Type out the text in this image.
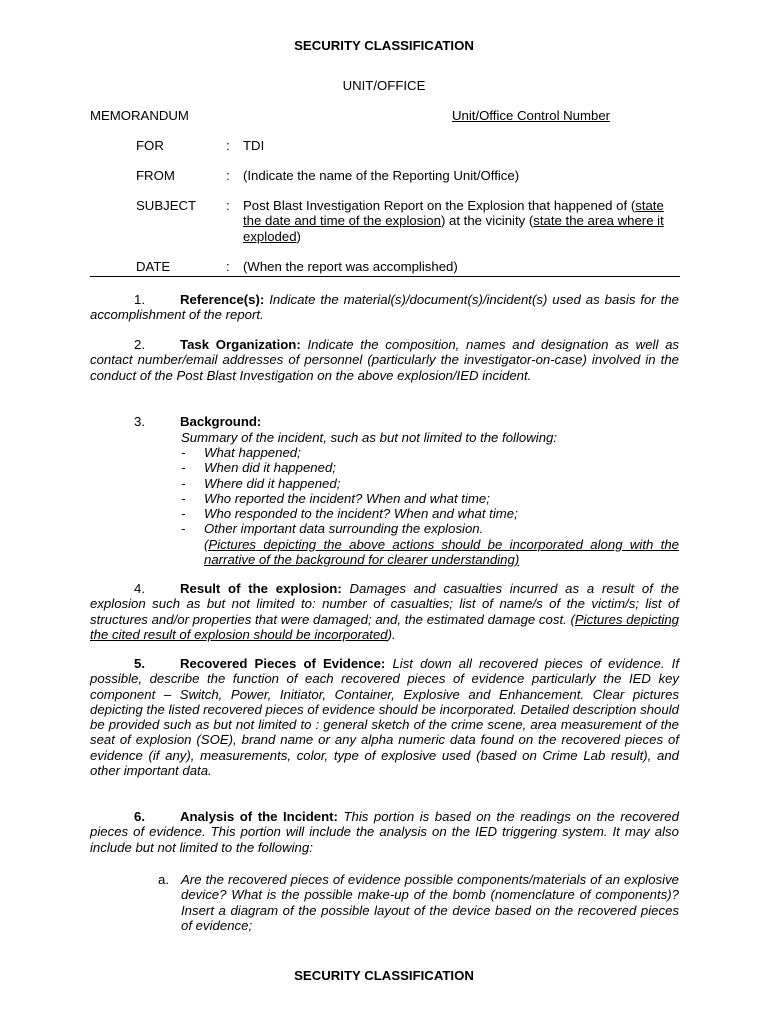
SECURITY CLASSIFICATION
UNIT/OFFICE
MEMORANDUM	Unit/Office Control Number
FOR	: TDI
FROM	: (Indicate the name of the Reporting Unit/Office)
SUBJECT : Post Blast Investigation Report on the Explosion that happened of (state the date and time of the explosion) at the vicinity (state the area where it exploded)
DATE	: (When the report was accomplished)
1.	Reference(s): Indicate the material(s)/document(s)/incident(s) used as basis for the accomplishment of the report.
2.	Task Organization: Indicate the composition, names and designation as well as contact number/email addresses of personnel (particularly the investigator-on-case) involved in the conduct of the Post Blast Investigation on the above explosion/IED incident.
3.	Background:
Summary of the incident, such as but not limited to the following:
- What happened;
- When did it happened;
- Where did it happened;
- Who reported the incident? When and what time;
- Who responded to the incident? When and what time;
- Other important data surrounding the explosion.
(Pictures depicting the above actions should be incorporated along with the narrative of the background for clearer understanding)
4.	Result of the explosion: Damages and casualties incurred as a result of the explosion such as but not limited to: number of casualties; list of name/s of the victim/s; list of structures and/or properties that were damaged; and, the estimated damage cost. (Pictures depicting the cited result of explosion should be incorporated).
5.	Recovered Pieces of Evidence: List down all recovered pieces of evidence. If possible, describe the function of each recovered pieces of evidence particularly the IED key component – Switch, Power, Initiator, Container, Explosive and Enhancement. Clear pictures depicting the listed recovered pieces of evidence should be incorporated. Detailed description should be provided such as but not limited to : general sketch of the crime scene, area measurement of the seat of explosion (SOE), brand name or any alpha numeric data found on the recovered pieces of evidence (if any), measurements, color, type of explosive used (based on Crime Lab result), and other important data.
6.	Analysis of the Incident: This portion is based on the readings on the recovered pieces of evidence. This portion will include the analysis on the IED triggering system. It may also include but not limited to the following:
a. Are the recovered pieces of evidence possible components/materials of an explosive device? What is the possible make-up of the bomb (nomenclature of components)? Insert a diagram of the possible layout of the device based on the recovered pieces of evidence;
SECURITY CLASSIFICATION
